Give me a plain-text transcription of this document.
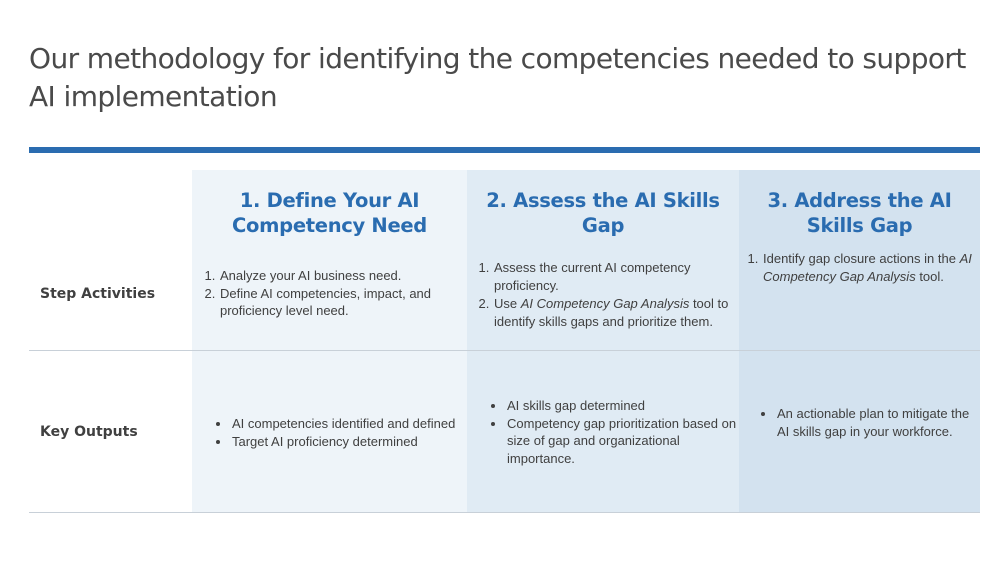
Our methodology for identifying the competencies needed to support AI implementation
1. Define Your AI Competency Need
1. Analyze your AI business need.
2. Define AI competencies, impact, and proficiency level need.
• AI competencies identified and defined
• Target AI proficiency determined
2. Assess the AI Skills Gap
1. Assess the current AI competency proficiency.
2. Use AI Competency Gap Analysis tool to identify skills gaps and prioritize them.
• AI skills gap determined
• Competency gap prioritization based on size of gap and organizational importance.
3. Address the AI Skills Gap
1. Identify gap closure actions in the AI Competency Gap Analysis tool.
• An actionable plan to mitigate the AI skills gap in your workforce.
Step Activities
Key Outputs
